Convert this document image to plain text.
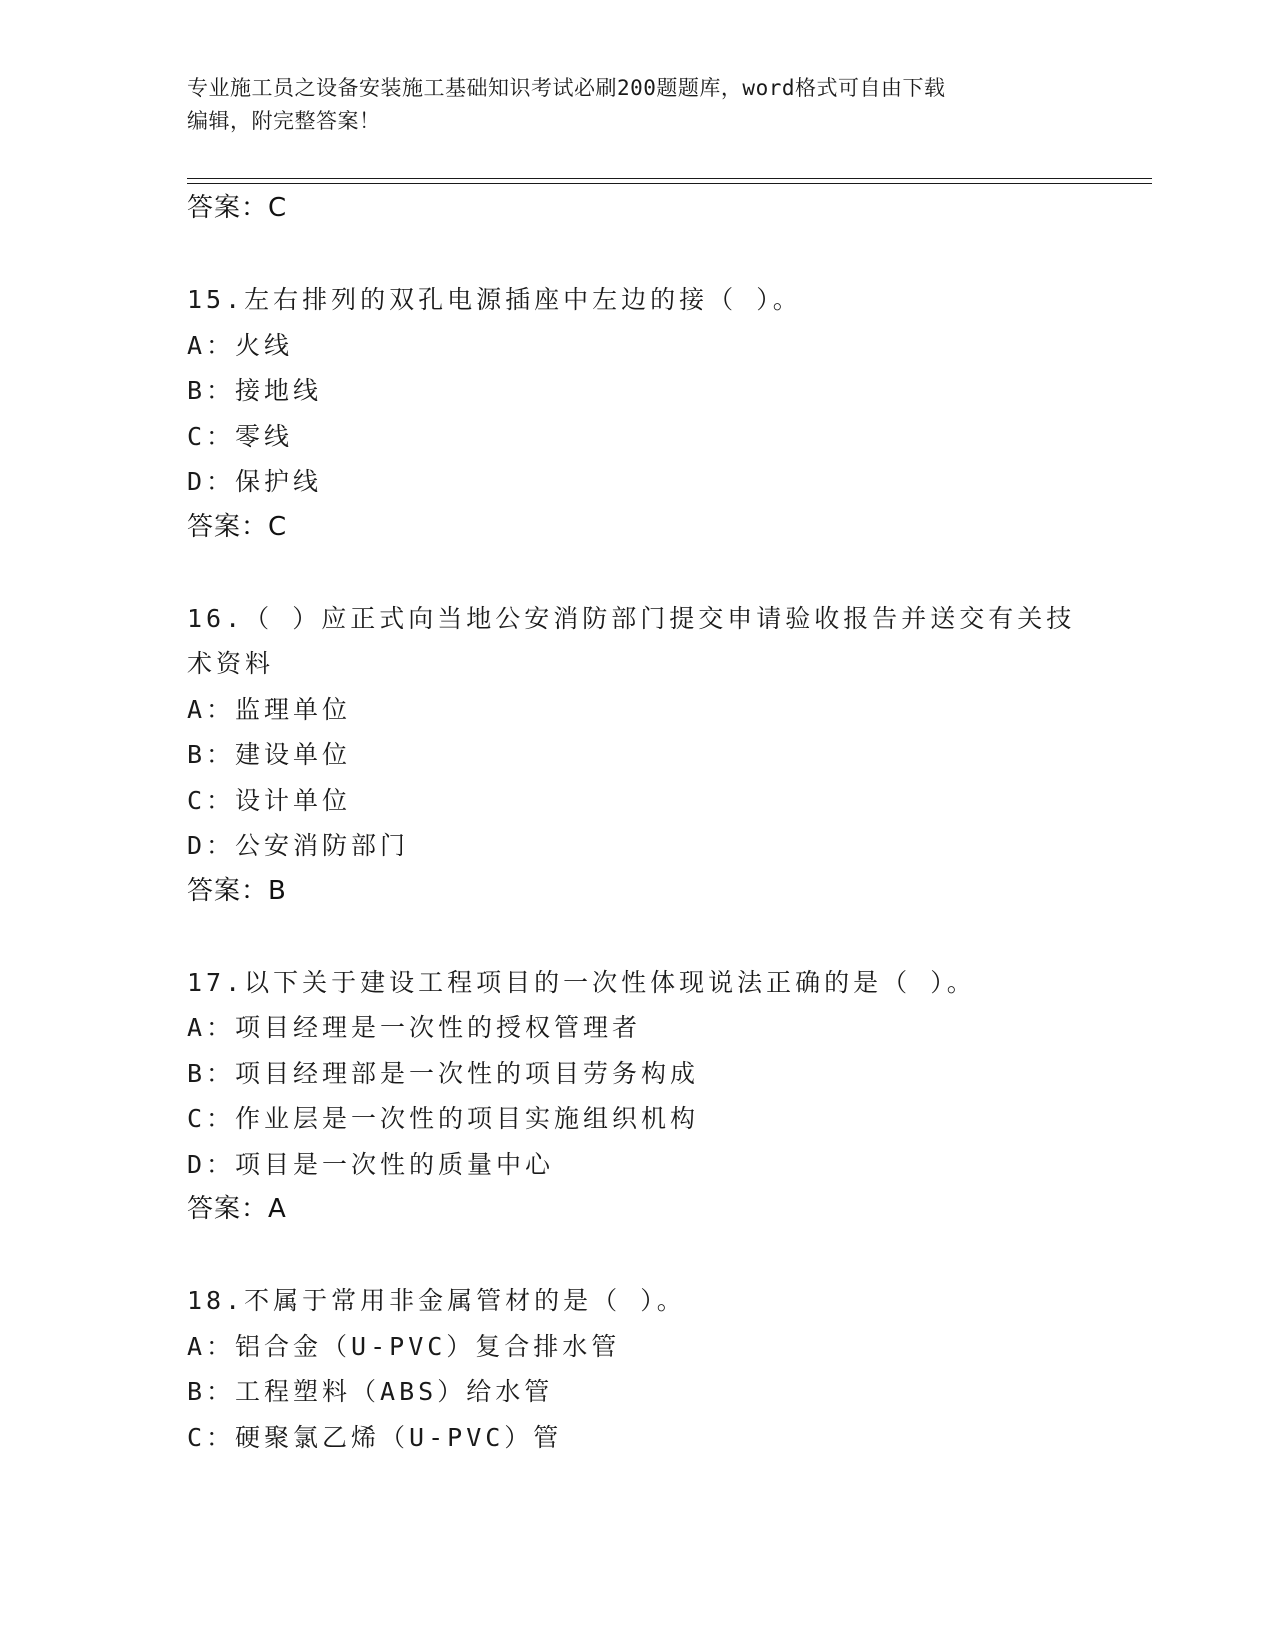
专业施工员之设备安装施工基础知识考试必刷200题题库，word格式可自由下载
编辑，附完整答案！
答案：C
15.左右排列的双孔电源插座中左边的接（ ）。
A：火线
B：接地线
C：零线
D：保护线
答案：C
16.（ ）应正式向当地公安消防部门提交申请验收报告并送交有关技
术资料
A：监理单位
B：建设单位
C：设计单位
D：公安消防部门
答案：B
17.以下关于建设工程项目的一次性体现说法正确的是（ ）。
A：项目经理是一次性的授权管理者
B：项目经理部是一次性的项目劳务构成
C：作业层是一次性的项目实施组织机构
D：项目是一次性的质量中心
答案：A
18.不属于常用非金属管材的是（ ）。
A：铝合金（U-PVC）复合排水管
B：工程塑料（ABS）给水管
C：硬聚氯乙烯（U-PVC）管
